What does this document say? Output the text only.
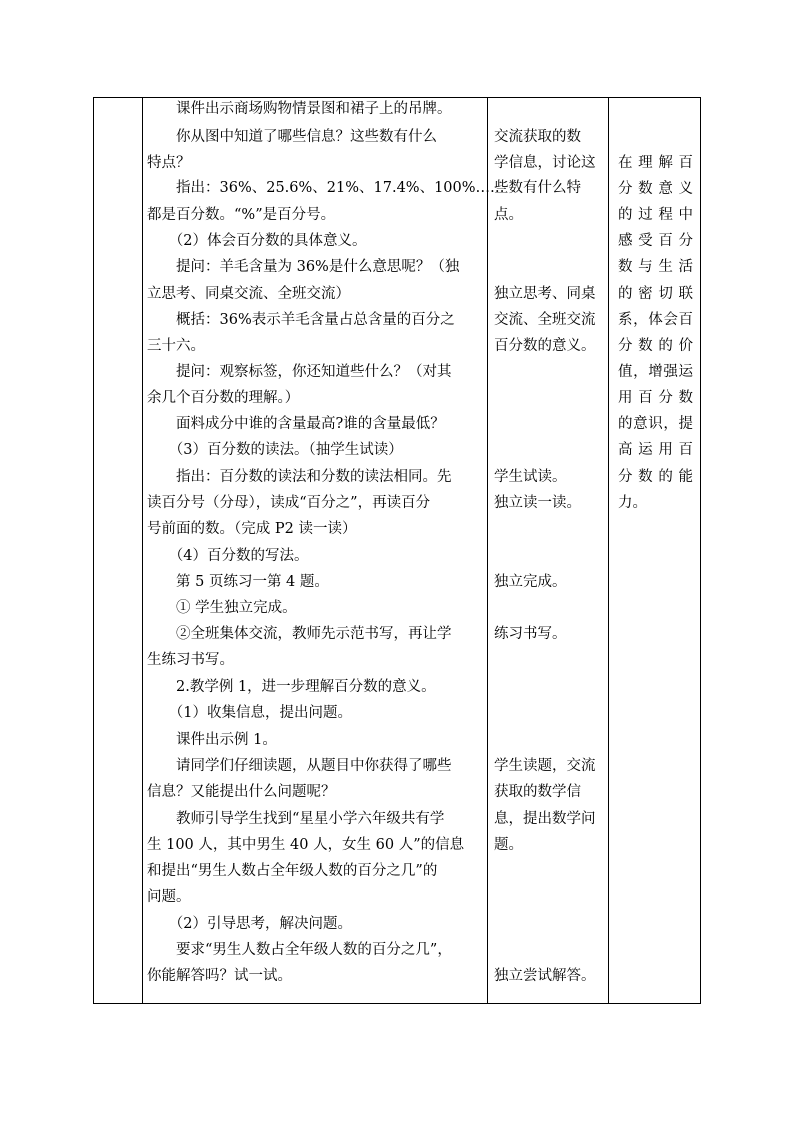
　　课件出示商场购物情景图和裙子上的吊牌。
　　你从图中知道了哪些信息？这些数有什么
特点？
　　指出：36%、25.6%、21%、17.4%、100%……
都是百分数。“%”是百分号。
　　（2）体会百分数的具体意义。
　　提问：羊毛含量为 36%是什么意思呢？（独
立思考、同桌交流、全班交流）
　　概括：36%表示羊毛含量占总含量的百分之
三十六。
　　提问：观察标签，你还知道些什么？（对其
余几个百分数的理解。）
　　面料成分中谁的含量最高?谁的含量最低？
　　（3）百分数的读法。（抽学生试读）
　　指出：百分数的读法和分数的读法相同。先
读百分号（分母），读成“百分之”，再读百分
号前面的数。（完成 P2 读一读）
　　（4）百分数的写法。
　　第 5 页练习一第 4 题。
　　① 学生独立完成。
　　②全班集体交流，教师先示范书写，再让学
生练习书写。
　　2.教学例 1，进一步理解百分数的意义。
　　（1）收集信息，提出问题。
　　课件出示例 1。
　　请同学们仔细读题，从题目中你获得了哪些
信息？又能提出什么问题呢？
　　教师引导学生找到“星星小学六年级共有学
生 100 人，其中男生 40 人，女生 60 人”的信息
和提出“男生人数占全年级人数的百分之几”的
问题。
　　（2）引导思考，解决问题。
　　要求“男生人数占全年级人数的百分之几”，
你能解答吗？试一试。
交流获取的数
学信息，讨论这
些数有什么特
点。
独立思考、同桌
交流、全班交流
百分数的意义。
学生试读。
独立读一读。
独立完成。
练习书写。
学生读题，交流
获取的数学信
息，提出数学问
题。
独立尝试解答。
在 理 解 百
分 数 意 义
的 过 程 中
感 受 百 分
数 与 生 活
的 密 切 联
系 ， 体 会 百
分 数 的 价
值 ， 增 强 运
用 百 分 数
的 意 识 ， 提
高 运 用 百
分 数 的 能
力。
